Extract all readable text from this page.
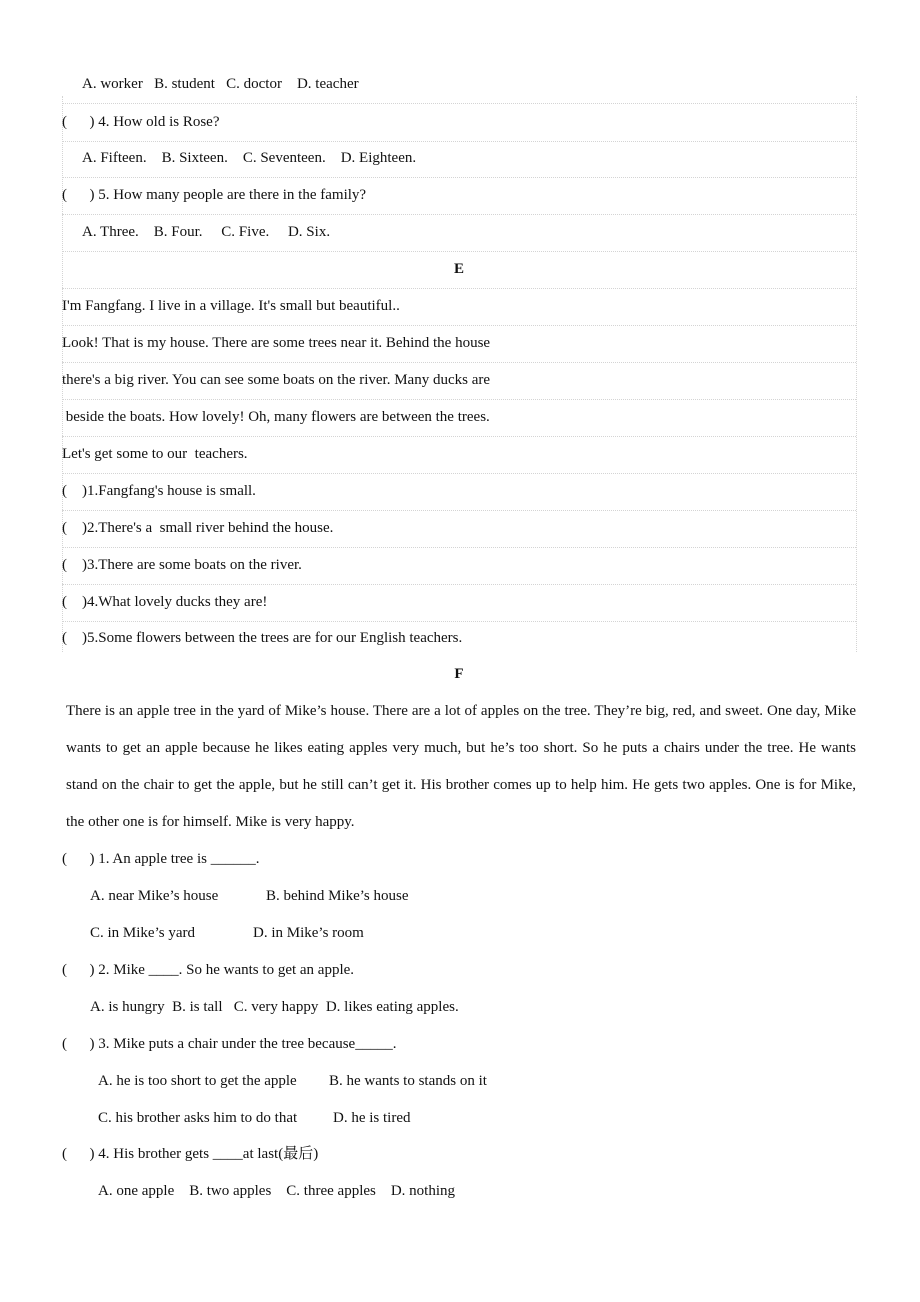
A. worker   B. student   C. doctor    D. teacher
(      ) 4. How old is Rose?
A. Fifteen.    B. Sixteen.    C. Seventeen.    D. Eighteen.
(      ) 5. How many people are there in the family?
A. Three.    B. Four.     C. Five.     D. Six.
E
I'm Fangfang. I live in a village. It's small but beautiful..
Look! That is my house. There are some trees near it. Behind the house
there's a big river. You can see some boats on the river. Many ducks are
beside the boats. How lovely! Oh, many flowers are between the trees.
Let's get some to our  teachers.
(    )1.Fangfang's house is small.
(    )2.There's a  small river behind the house.
(    )3.There are some boats on the river.
(    )4.What lovely ducks they are!
(    )5.Some flowers between the trees are for our English teachers.
F
There is an apple tree in the yard of Mike’s house. There are a lot of apples on the tree. They’re big, red, and sweet. One day, Mike wants to get an apple because he likes eating apples very much, but he’s too short. So he puts a chairs under the tree. He wants stand on the chair to get the apple, but he still can’t get it. His brother comes up to help him. He gets two apples. One is for Mike, the other one is for himself. Mike is very happy.
(      ) 1. An apple tree is ______.
A. near Mike’s house	B. behind Mike’s house
C. in Mike’s yard	D. in Mike’s room
(      ) 2. Mike ____. So he wants to get an apple.
A. is hungry  B. is tall   C. very happy  D. likes eating apples.
(      ) 3. Mike puts a chair under the tree because_____.
A. he is too short to get the apple B. he wants to stands on it
C. his brother asks him to do that D. he is tired
(      ) 4. His brother gets ____at last(最后)
A. one apple    B. two apples    C. three apples    D. nothing
